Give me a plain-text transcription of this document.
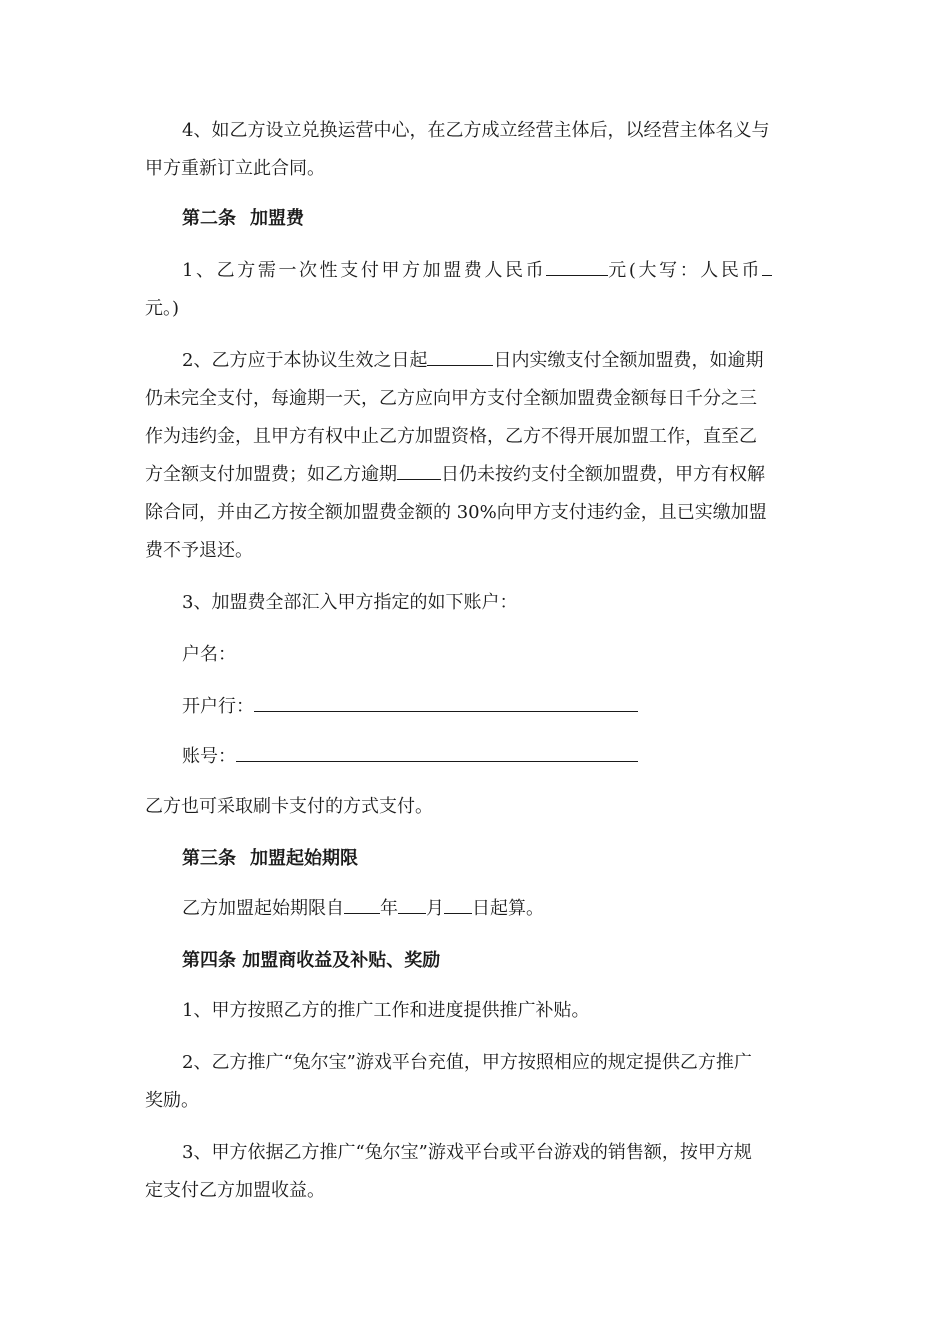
4、如乙方设立兑换运营中心，在乙方成立经营主体后，以经营主体名义与

甲方重新订立此合同。

第二条 加盟费

1、乙方需一次性支付甲方加盟费人民币	元(大写：人民币

元。)

2、乙方应于本协议生效之日起	日内实缴支付全额加盟费，如逾期

仍未完全支付，每逾期一天，乙方应向甲方支付全额加盟费金额每日千分之三

作为违约金，且甲方有权中止乙方加盟资格，乙方不得开展加盟工作，直至乙

方全额支付加盟费；如乙方逾期 日仍未按约支付全额加盟费，甲方有权解

除合同，并由乙方按全额加盟费金额的 30%向甲方支付违约金，且已实缴加盟

费不予退还。

3、加盟费全部汇入甲方指定的如下账户：

户名：

开户行：

账号：

乙方也可采取刷卡支付的方式支付。

第三条 加盟起始期限

乙方加盟起始期限自 年 月 日起算。

第四条 加盟商收益及补贴、奖励

1、甲方按照乙方的推广工作和进度提供推广补贴。

2、乙方推广“兔尔宝”游戏平台充值，甲方按照相应的规定提供乙方推广

奖励。

3、甲方依据乙方推广“兔尔宝”游戏平台或平台游戏的销售额，按甲方规

定支付乙方加盟收益。
